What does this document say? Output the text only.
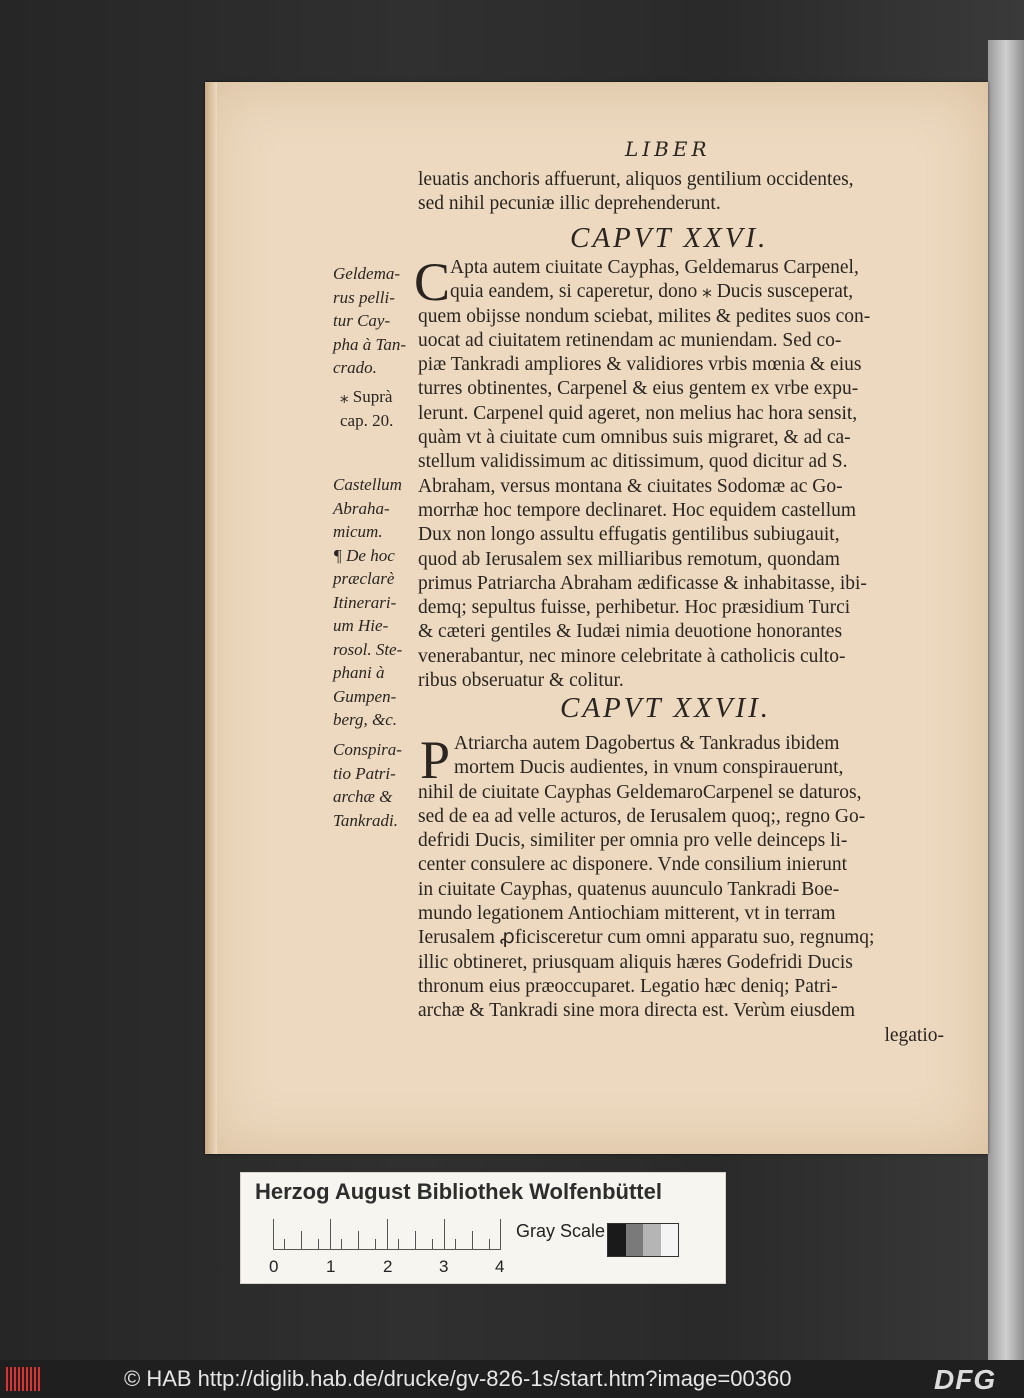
LIBER
leuatis anchoris affuerunt, aliquos gentilium occidentes,
sed nihil pecuniæ illic deprehenderunt.
CAPVT XXVI.
C Apta autem ciuitate Cayphas, Geldemarus Carpenel,
quia eandem, si caperetur, dono ⁎ Ducis susceperat,
quem obijsse nondum sciebat, milites & pedites suos con-
uocat ad ciuitatem retinendam ac muniendam. Sed co-
piæ Tankradi ampliores & validiores vrbis mœnia & eius
turres obtinentes, Carpenel & eius gentem ex vrbe expu-
lerunt. Carpenel quid ageret, non melius hac hora sensit,
quàm vt à ciuitate cum omnibus suis migraret, & ad ca-
stellum validissimum ac ditissimum, quod dicitur ad S.
Abraham, versus montana & ciuitates Sodomæ ac Go-
morrhæ hoc tempore declinaret. Hoc equidem castellum
Dux non longo assultu effugatis gentilibus subiugauit,
quod ab Ierusalem sex milliaribus remotum, quondam
primus Patriarcha Abraham ædificasse & inhabitasse, ibi-
demq; sepultus fuisse, perhibetur. Hoc præsidium Turci
& cæteri gentiles & Iudæi nimia deuotione honorantes
venerabantur, nec minore celebritate à catholicis culto-
ribus obseruatur & colitur.
CAPVT XXVII.
P Atriarcha autem Dagobertus & Tankradus ibidem
mortem Ducis audientes, in vnum conspirauerunt,
nihil de ciuitate Cayphas GeldemaroCarpenel se daturos,
sed de ea ad velle acturos, de Ierusalem quoq;, regno Go-
defridi Ducis, similiter per omnia pro velle deinceps li-
center consulere ac disponere. Vnde consilium inierunt
in ciuitate Cayphas, quatenus auunculo Tankradi Boe-
mundo legationem Antiochiam mitterent, vt in terram
Ierusalem ꝓficisceretur cum omni apparatu suo, regnumq;
illic obtineret, priusquam aliquis hæres Godefridi Ducis
thronum eius præoccuparet. Legatio hæc deniq; Patri-
archæ & Tankradi sine mora directa est. Verùm eiusdem
legatio-
Geldema-
rus pelli-
tur Cay-
pha à Tan-
crado.
⁎ Suprà
cap. 20.
Castellum
Abraha-
micum.
¶ De hoc
præclarè
Itinerari-
um Hie-
rosol. Ste-
phani à
Gumpen-
berg, &c.
Conspira-
tio Patri-
archæ &
Tankradi.
Herzog August Bibliothek Wolfenbüttel
0	1	2	3	4
Gray Scale
© HAB http://diglib.hab.de/drucke/gv-826-1s/start.htm?image=00360	DFG
